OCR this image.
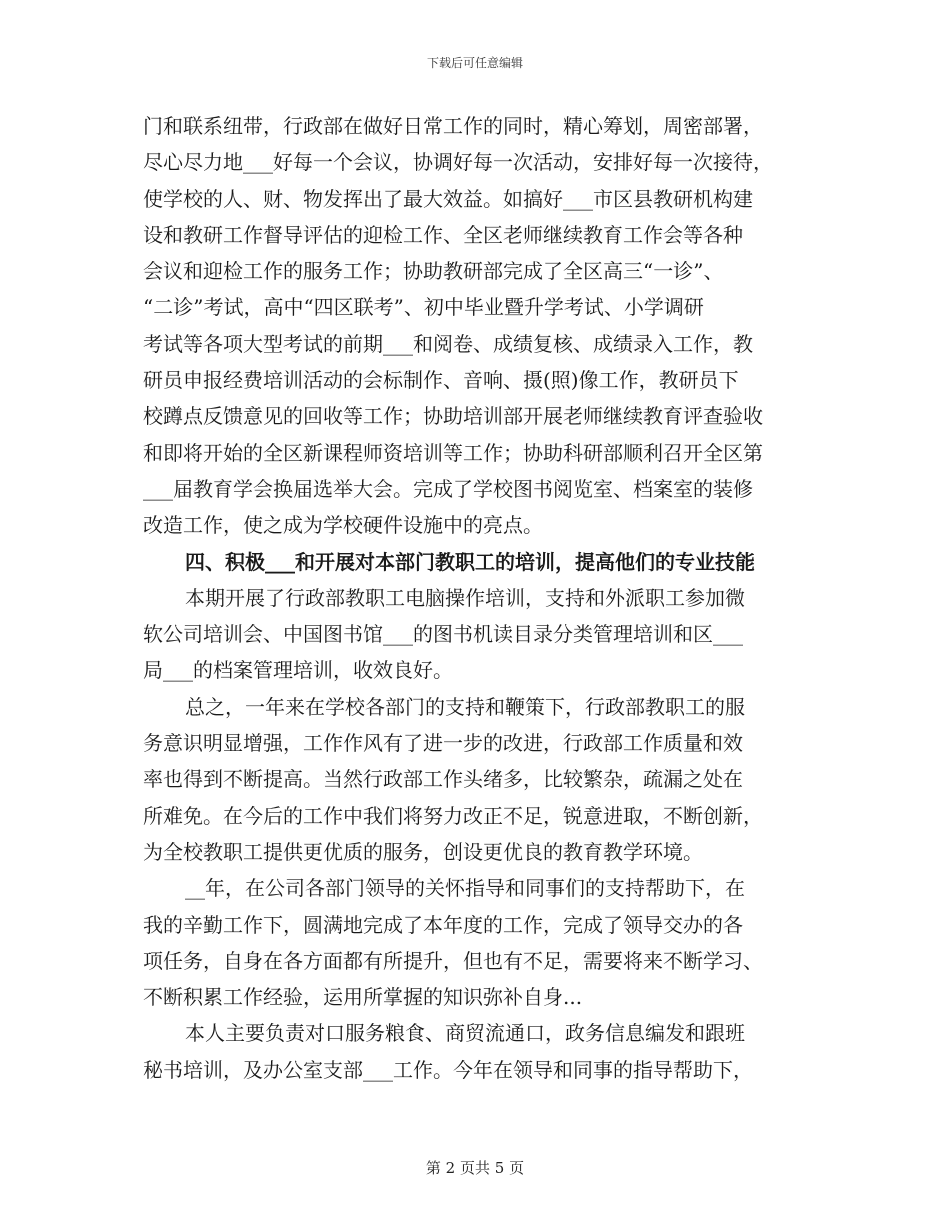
下载后可任意编辑
门和联系纽带，行政部在做好日常工作的同时，精心筹划，周密部署，
尽心尽力地___好每一个会议，协调好每一次活动，安排好每一次接待，
使学校的人、财、物发挥出了最大效益。如搞好___市区县教研机构建
设和教研工作督导评估的迎检工作、全区老师继续教育工作会等各种
会议和迎检工作的服务工作；协助教研部完成了全区高三“一诊”、
“二诊”考试，高中“四区联考”、初中毕业暨升学考试、小学调研
考试等各项大型考试的前期___和阅卷、成绩复核、成绩录入工作，教
研员申报经费培训活动的会标制作、音响、摄(照)像工作，教研员下
校蹲点反馈意见的回收等工作；协助培训部开展老师继续教育评查验收
和即将开始的全区新课程师资培训等工作；协助科研部顺利召开全区第
___届教育学会换届选举大会。完成了学校图书阅览室、档案室的装修
改造工作，使之成为学校硬件设施中的亮点。
四、积极___和开展对本部门教职工的培训，提高他们的专业技能
本期开展了行政部教职工电脑操作培训，支持和外派职工参加微
软公司培训会、中国图书馆___的图书机读目录分类管理培训和区___
局___的档案管理培训，收效良好。
总之，一年来在学校各部门的支持和鞭策下，行政部教职工的服
务意识明显增强，工作作风有了进一步的改进，行政部工作质量和效
率也得到不断提高。当然行政部工作头绪多，比较繁杂，疏漏之处在
所难免。在今后的工作中我们将努力改正不足，锐意进取，不断创新，
为全校教职工提供更优质的服务，创设更优良的教育教学环境。
__年，在公司各部门领导的关怀指导和同事们的支持帮助下，在
我的辛勤工作下，圆满地完成了本年度的工作，完成了领导交办的各
项任务，自身在各方面都有所提升，但也有不足，需要将来不断学习、
不断积累工作经验，运用所掌握的知识弥补自身...
本人主要负责对口服务粮食、商贸流通口，政务信息编发和跟班
秘书培训，及办公室支部___工作。今年在领导和同事的指导帮助下，
第 2 页共 5 页
